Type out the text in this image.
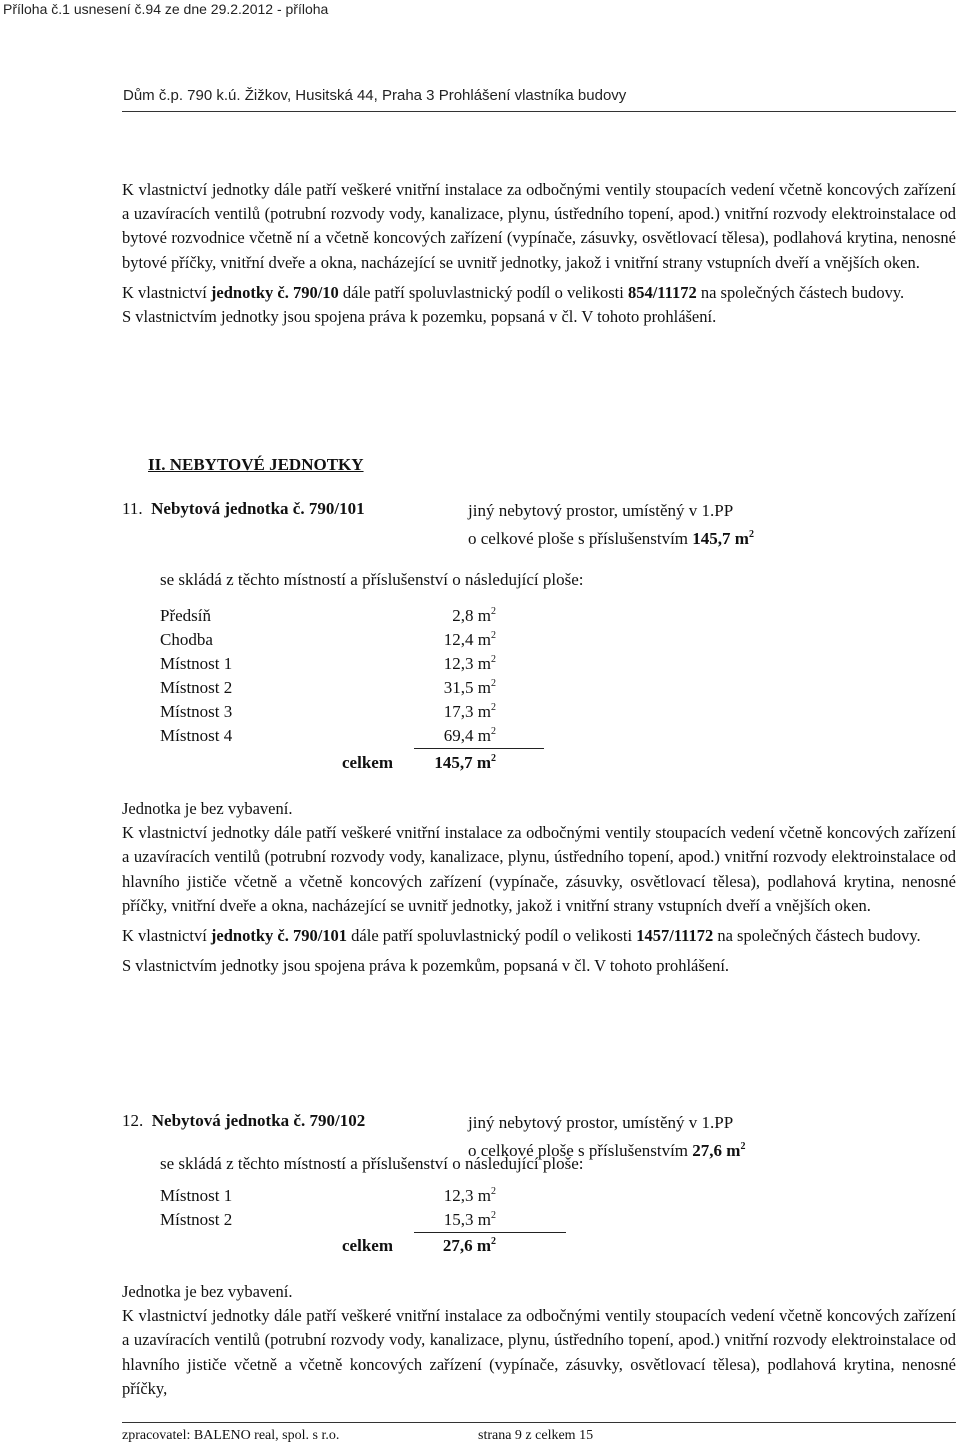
Příloha č.1 usnesení č.94 ze dne 29.2.2012 - příloha
Dům č.p. 790 k.ú. Žižkov, Husitská 44, Praha 3 Prohlášení vlastníka budovy

K vlastnictví jednotky dále patří veškeré vnitřní instalace za odbočnými ventily stoupacích vedení včetně koncových zařízení a uzavíracích ventilů (potrubní rozvody vody, kanalizace, plynu, ústředního topení, apod.) vnitřní rozvody elektroinstalace od bytové rozvodnice včetně ní a včetně koncových zařízení (vypínače, zásuvky, osvětlovací tělesa), podlahová krytina, nenosné bytové příčky, vnitřní dveře a okna, nacházející se uvnitř jednotky, jakož i vnitřní strany vstupních dveří a vnějších oken.

K vlastnictví jednotky č. 790/10 dále patří spoluvlastnický podíl o velikosti 854/11172 na společných částech budovy.

S vlastnictvím jednotky jsou spojena práva k pozemku, popsaná v čl. V tohoto prohlášení.

II. NEBYTOVÉ JEDNOTKY
11. Nebytová jednotka č. 790/101	jiný nebytový prostor, umístěný v 1.PP
o celkové ploše s příslušenstvím 145,7 $m^2$
se skládá z těchto místností a příslušenství o následující ploše:
Předsíň	2,8 $m^2$
Chodba	12,4 $m^2$
Místnost 1	12,3 $m^2$
Místnost 2	31,5 $m^2$
Místnost 3	17,3 $m^2$
Místnost 4	69,4 $m^2$
celkem	145,7 $m^2$

Jednotka je bez vybavení.

K vlastnictví jednotky dále patří veškeré vnitřní instalace za odbočnými ventily stoupacích vedení včetně koncových zařízení a uzavíracích ventilů (potrubní rozvody vody, kanalizace, plynu, ústředního topení, apod.) vnitřní rozvody elektroinstalace od hlavního jističe včetně a včetně koncových zařízení (vypínače, zásuvky, osvětlovací tělesa), podlahová krytina, nenosné příčky, vnitřní dveře a okna, nacházející se uvnitř jednotky, jakož i vnitřní strany vstupních dveří a vnějších oken.

K vlastnictví jednotky č. 790/101 dále patří spoluvlastnický podíl o velikosti 1457/11172 na společných částech budovy.

S vlastnictvím jednotky jsou spojena práva k pozemkům, popsaná v čl. V tohoto prohlášení.

12. Nebytová jednotka č. 790/102	jiný nebytový prostor, umístěný v 1.PP
o celkové ploše s příslušenstvím 27,6 $m^2$
se skládá z těchto místností a příslušenství o následující ploše:
Místnost 1	12,3 $m^2$
Místnost 2	15,3 $m^2$
celkem	27,6 $m^2$

Jednotka je bez vybavení.

K vlastnictví jednotky dále patří veškeré vnitřní instalace za odbočnými ventily stoupacích vedení včetně koncových zařízení a uzavíracích ventilů (potrubní rozvody vody, kanalizace, plynu, ústředního topení, apod.) vnitřní rozvody elektroinstalace od hlavního jističe včetně a včetně koncových zařízení (vypínače, zásuvky, osvětlovací tělesa), podlahová krytina, nenosné příčky,

zpracovatel: BALENO real, spol. s r.o.	strana 9 z celkem 15
